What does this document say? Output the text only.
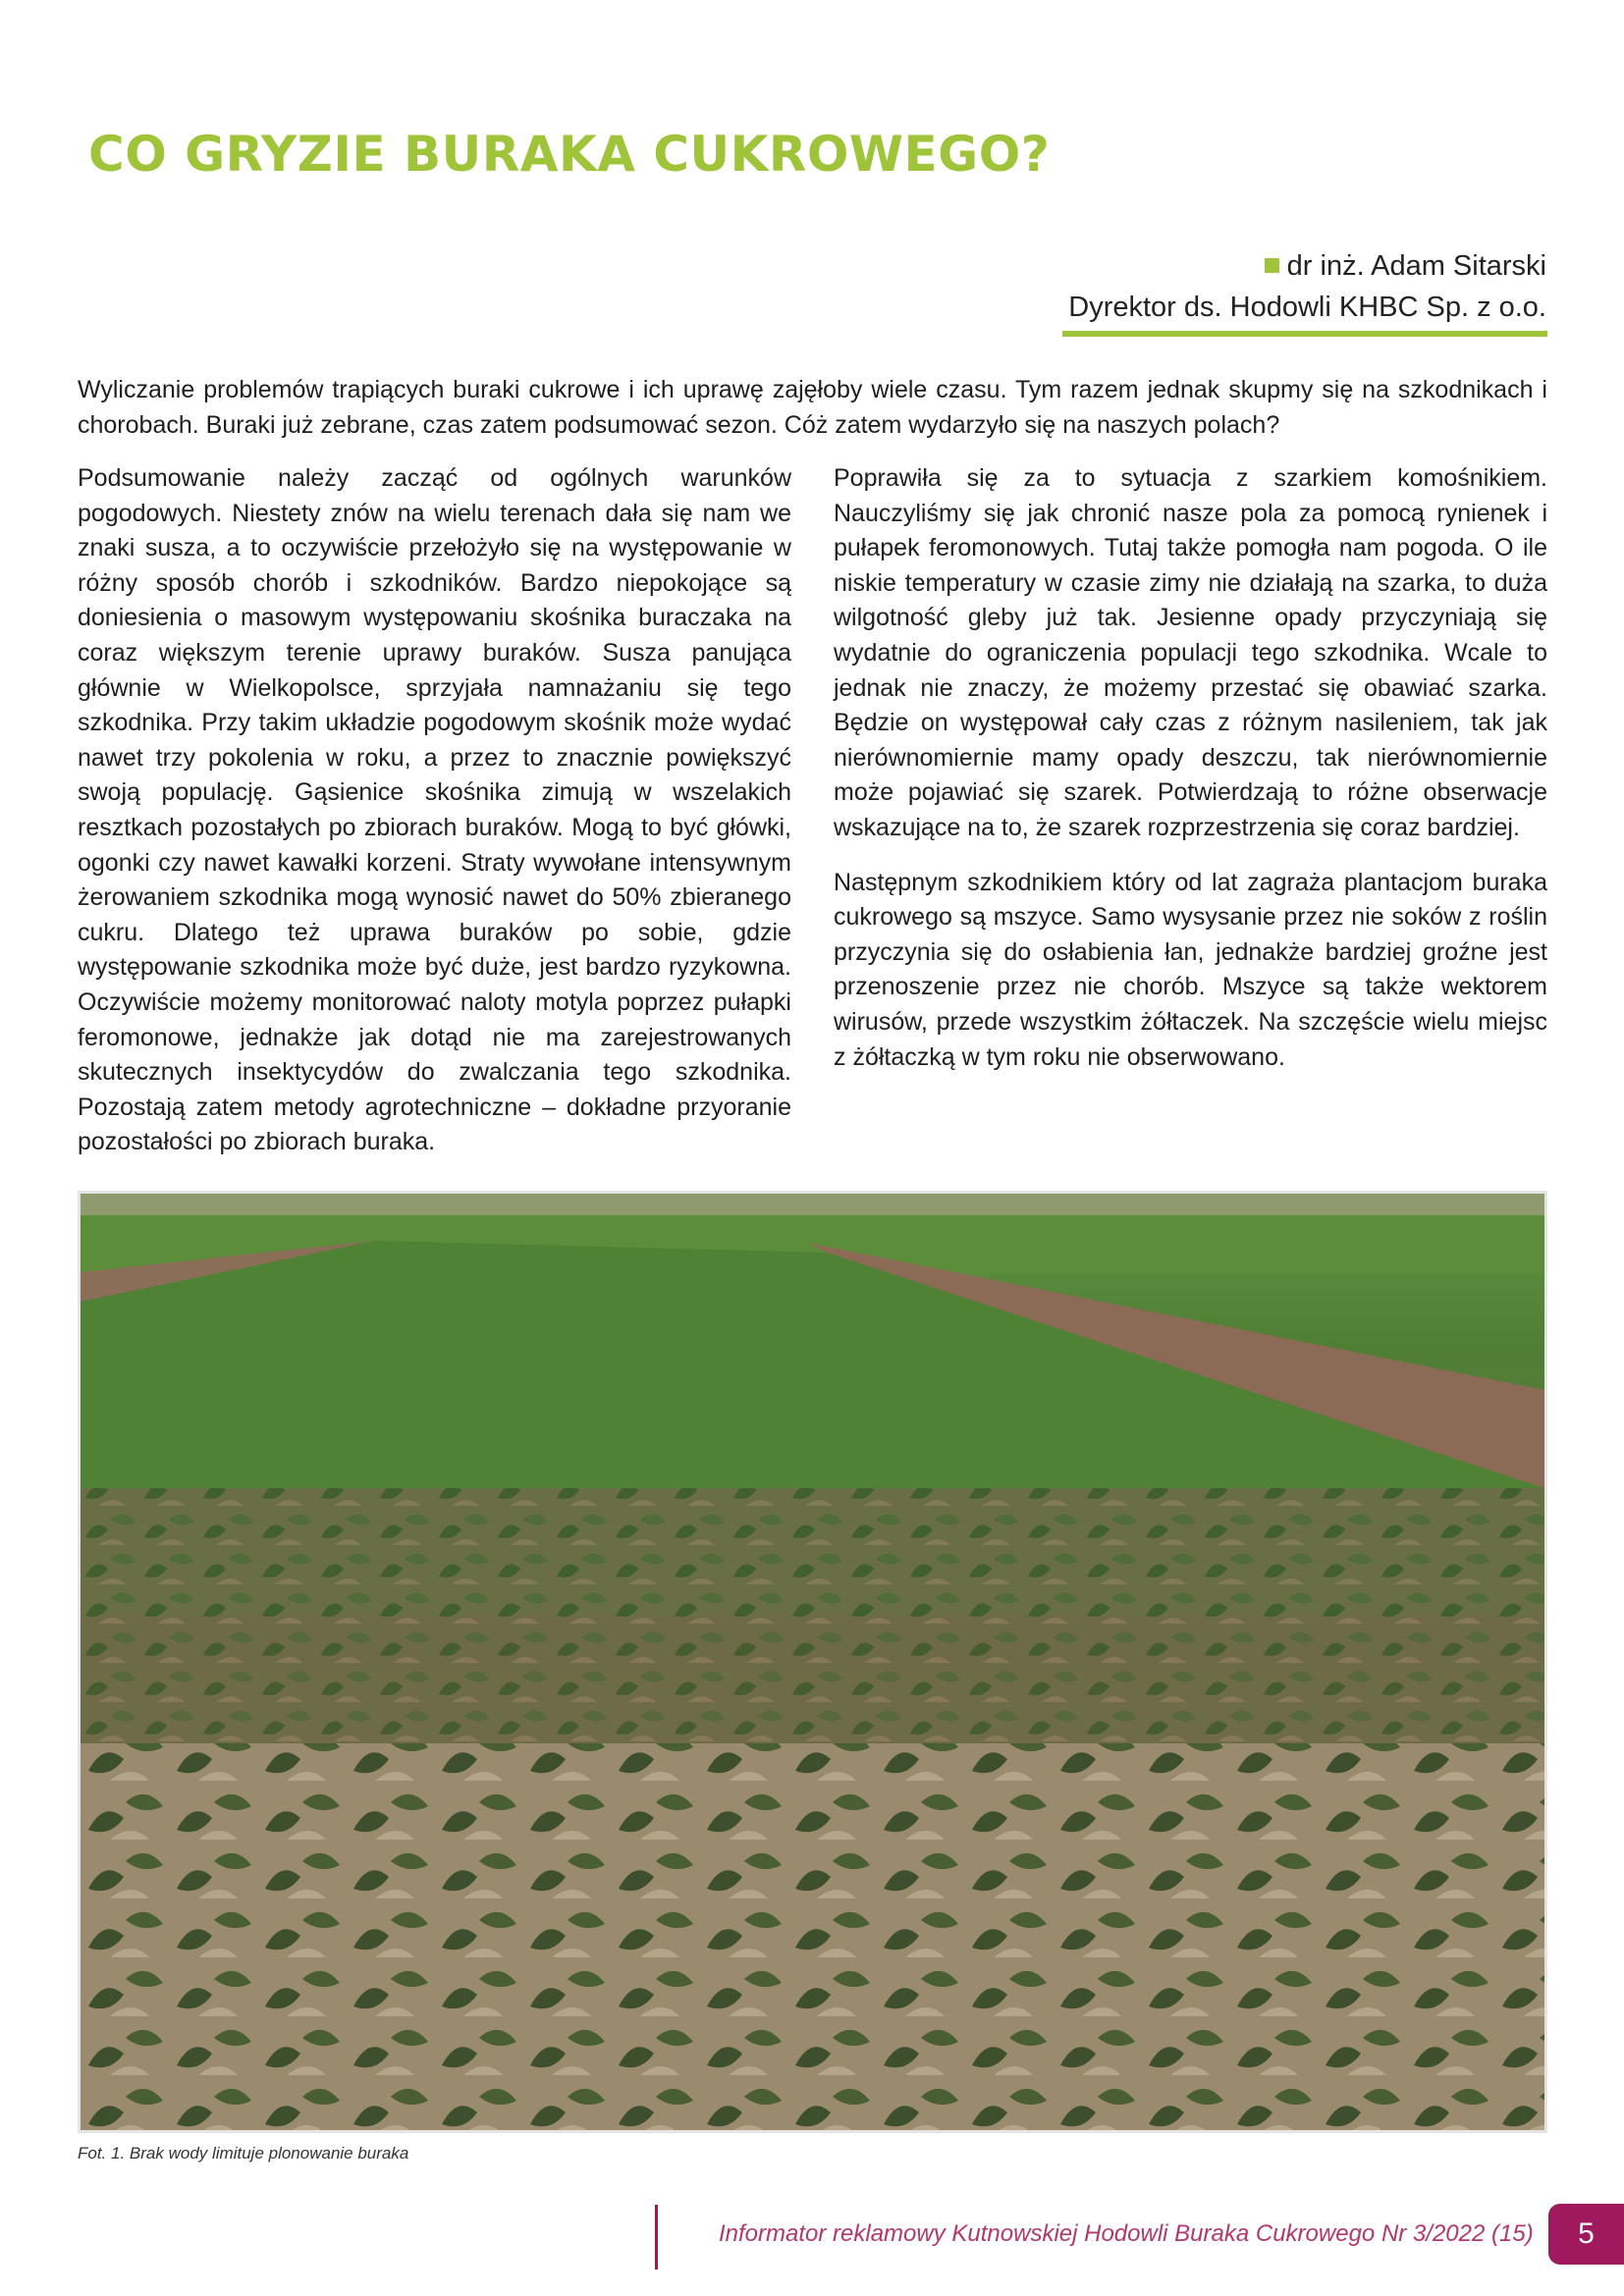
CO GRYZIE BURAKA CUKROWEGO?
dr inż. Adam Sitarski
Dyrektor ds. Hodowli KHBC Sp. z o.o.

Wyliczanie problemów trapiących buraki cukrowe i ich uprawę zajęłoby wiele czasu. Tym razem jednak skupmy się na szkodnikach i chorobach. Buraki już zebrane, czas zatem podsumować sezon. Cóż zatem wydarzyło się na naszych polach?

Podsumowanie należy zacząć od ogólnych warunków pogodowych. Niestety znów na wielu terenach dała się nam we znaki susza, a to oczywiście przełożyło się na występowanie w różny sposób chorób i szkodników. Bardzo niepokojące są doniesienia o masowym występowaniu skośnika buraczaka na coraz większym terenie uprawy buraków. Susza panująca głównie w Wielkopolsce, sprzyjała namnażaniu się tego szkodnika. Przy takim układzie pogodowym skośnik może wydać nawet trzy pokolenia w roku, a przez to znacznie powiększyć swoją populację. Gąsienice skośnika zimują w wszelakich resztkach pozostałych po zbiorach buraków. Mogą to być główki, ogonki czy nawet kawałki korzeni. Straty wywołane intensywnym żerowaniem szkodnika mogą wynosić nawet do 50% zbieranego cukru. Dlatego też uprawa buraków po sobie, gdzie występowanie szkodnika może być duże, jest bardzo ryzykowna. Oczywiście możemy monitorować naloty motyla poprzez pułapki feromonowe, jednakże jak dotąd nie ma zarejestrowanych skutecznych insektycydów do zwalczania tego szkodnika. Pozostają zatem metody agrotechniczne – dokładne przyoranie pozostałości po zbiorach buraka.

Poprawiła się za to sytuacja z szarkiem komośnikiem. Nauczyliśmy się jak chronić nasze pola za pomocą rynienek i pułapek feromonowych. Tutaj także pomogła nam pogoda. O ile niskie temperatury w czasie zimy nie działają na szarka, to duża wilgotność gleby już tak. Jesienne opady przyczyniają się wydatnie do ograniczenia populacji tego szkodnika. Wcale to jednak nie znaczy, że możemy przestać się obawiać szarka. Będzie on występował cały czas z różnym nasileniem, tak jak nierównomiernie mamy opady deszczu, tak nierównomiernie może pojawiać się szarek. Potwierdzają to różne obserwacje wskazujące na to, że szarek rozprzestrzenia się coraz bardziej.

Następnym szkodnikiem który od lat zagraża plantacjom buraka cukrowego są mszyce. Samo wysysanie przez nie soków z roślin przyczynia się do osłabienia łan, jednakże bardziej groźne jest przenoszenie przez nie chorób. Mszyce są także wektorem wirusów, przede wszystkim żółtaczek. Na szczęście wielu miejsc z żółtaczką w tym roku nie obserwowano.

Fot. 1. Brak wody limituje plonowanie buraka
Informator reklamowy Kutnowskiej Hodowli Buraka Cukrowego Nr 3/2022 (15)	5
